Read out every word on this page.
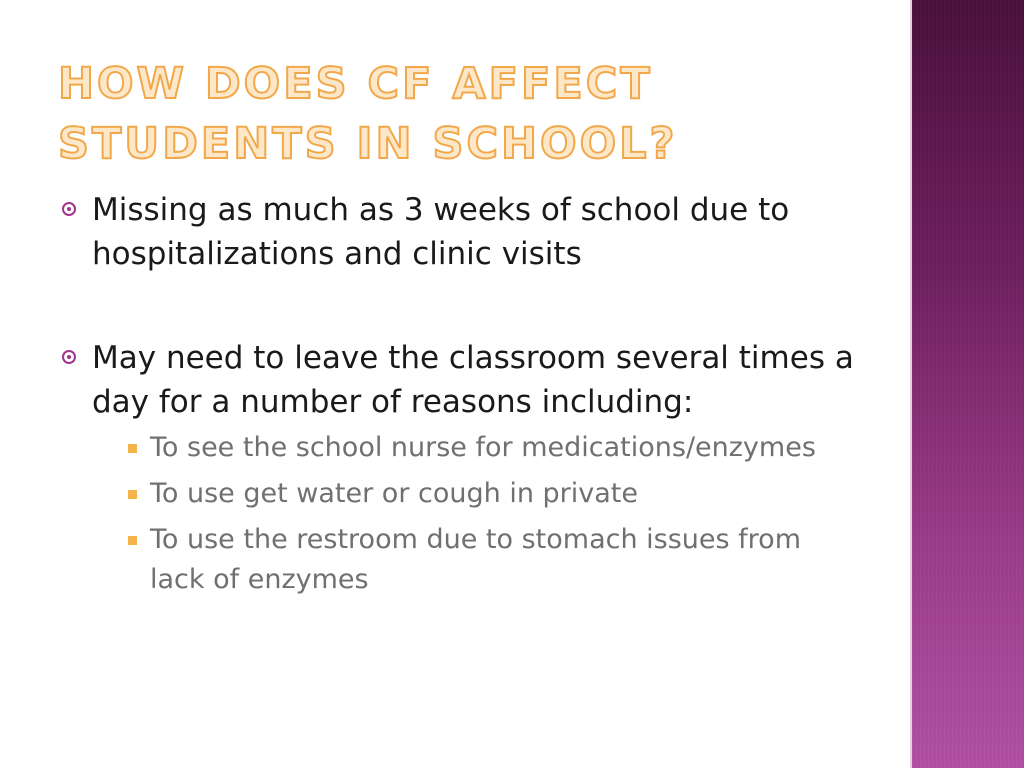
HOW DOES CF AFFECT STUDENTS IN SCHOOL?
Missing as much as 3 weeks of school due to hospitalizations and clinic visits
May need to leave the classroom several times a day for a number of reasons including:
To see the school nurse for medications/enzymes
To use get water or cough in private
To use the restroom due to stomach issues from lack of enzymes
